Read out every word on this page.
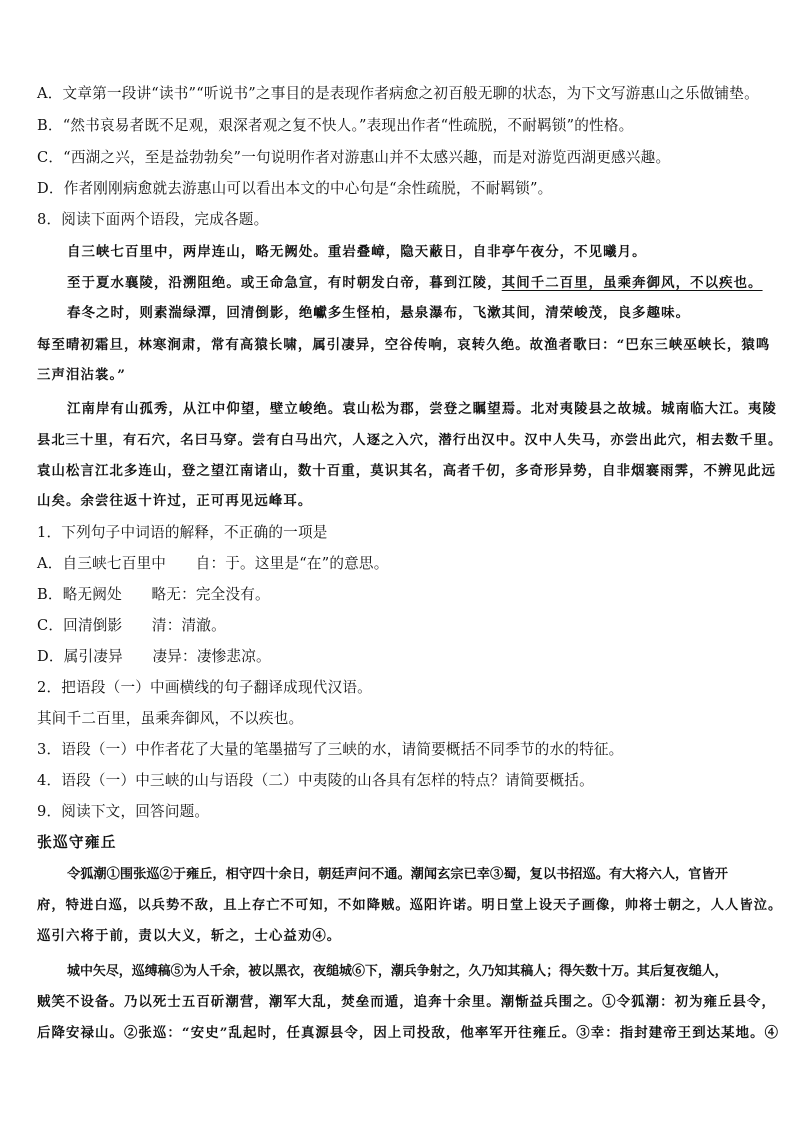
A．文章第一段讲“读书”“听说书”之事目的是表现作者病愈之初百般无聊的状态，为下文写游惠山之乐做铺垫。
B．“然书哀易者既不足观，艰深者观之复不快人。”表现出作者“性疏脱，不耐羁锁”的性格。
C．“西湖之兴，至是益勃勃矣”一句说明作者对游惠山并不太感兴趣，而是对游览西湖更感兴趣。
D．作者刚刚病愈就去游惠山可以看出本文的中心句是“余性疏脱，不耐羁锁”。
8．阅读下面两个语段，完成各题。
自三峡七百里中，两岸连山，略无阙处。重岩叠嶂，隐天蔽日，自非亭午夜分，不见曦月。
至于夏水襄陵，沿溯阻绝。或王命急宣，有时朝发白帝，暮到江陵，其间千二百里，虽乘奔御风，不以疾也。
春冬之时，则素湍绿潭，回清倒影，绝巘多生怪柏，悬泉瀑布，飞漱其间，清荣峻茂，良多趣味。
每至晴初霜旦，林寒涧肃，常有高猿长啸，属引凄异，空谷传响，哀转久绝。故渔者歌曰：“巴东三峡巫峡长，猿鸣
三声泪沾裳。”
江南岸有山孤秀，从江中仰望，壁立峻绝。袁山松为郡，尝登之瞩望焉。北对夷陵县之故城。城南临大江。夷陵
县北三十里，有石穴，名曰马穿。尝有白马出穴，人逐之入穴，潜行出汉中。汉中人失马，亦尝出此穴，相去数千里。
袁山松言江北多连山，登之望江南诸山，数十百重，莫识其名，高者千仞，多奇形异势，自非烟褰雨霁，不辨见此远
山矣。余尝往返十许过，正可再见远峰耳。
1．下列句子中词语的解释，不正确的一项是
A．自三峡七百里中　　自：于。这里是“在”的意思。
B．略无阙处　　略无：完全没有。
C．回清倒影　　清：清澈。
D．属引凄异　　凄异：凄惨悲凉。
2．把语段（一）中画横线的句子翻译成现代汉语。
其间千二百里，虽乘奔御风，不以疾也。
3．语段（一）中作者花了大量的笔墨描写了三峡的水，请简要概括不同季节的水的特征。
4．语段（一）中三峡的山与语段（二）中夷陵的山各具有怎样的特点？请简要概括。
9．阅读下文，回答问题。
张巡守雍丘
令狐潮①围张巡②于雍丘，相守四十余日，朝廷声问不通。潮闻玄宗已幸③蜀，复以书招巡。有大将六人，官皆开
府，特进白巡，以兵势不敌，且上存亡不可知，不如降贼。巡阳许诺。明日堂上设天子画像，帅将士朝之，人人皆泣。
巡引六将于前，责以大义，斩之，士心益劝④。
城中矢尽，巡缚稿⑤为人千余，被以黑衣，夜缒城⑥下，潮兵争射之，久乃知其稿人；得矢数十万。其后复夜缒人，
贼笑不设备。乃以死士五百斫潮营，潮军大乱，焚垒而遁，追奔十余里。潮惭益兵围之。①令狐潮：初为雍丘县令，
后降安禄山。②张巡：“安史”乱起时，任真源县令，因上司投敌，他率军开往雍丘。③幸：指封建帝王到达某地。④
